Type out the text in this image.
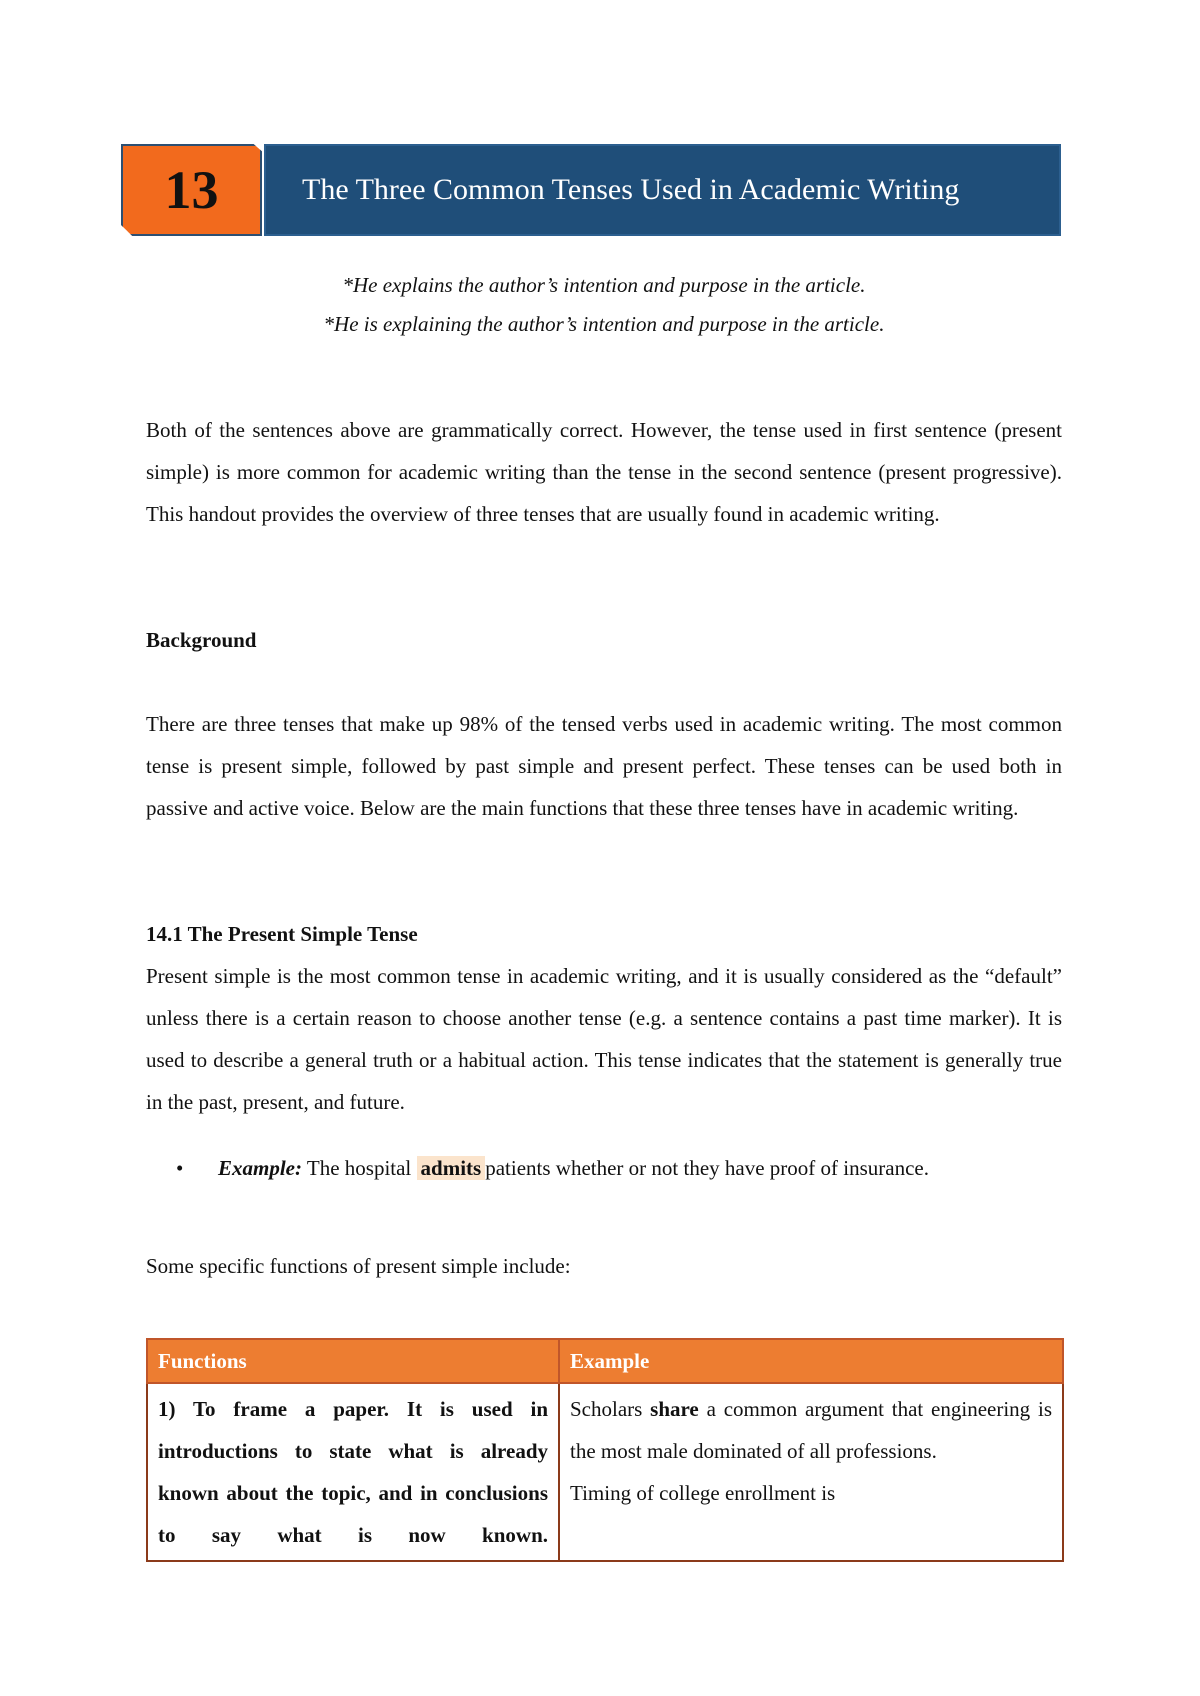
13	The Three Common Tenses Used in Academic Writing
*He explains the author’s intention and purpose in the article.
*He is explaining the author’s intention and purpose in the article.

Both of the sentences above are grammatically correct. However, the tense used in first sentence (present simple) is more common for academic writing than the tense in the second sentence (present progressive). This handout provides the overview of three tenses that are usually found in academic writing.

Background

There are three tenses that make up 98% of the tensed verbs used in academic writing. The most common tense is present simple, followed by past simple and present perfect. These tenses can be used both in passive and active voice. Below are the main functions that these three tenses have in academic writing.

14.1 The Present Simple Tense

Present simple is the most common tense in academic writing, and it is usually considered as the “default” unless there is a certain reason to choose another tense (e.g. a sentence contains a past time marker). It is used to describe a general truth or a habitual action. This tense indicates that the statement is generally true in the past, present, and future.

• Example: The hospital admits patients whether or not they have proof of insurance.

Some specific functions of present simple include:

Functions	Example
1) To frame a paper. It is used in introductions to state what is already known about the topic, and in conclusions to say what is now known.	Scholars share a common argument that engineering is the most male dominated of all professions.
Timing of college enrollment is
